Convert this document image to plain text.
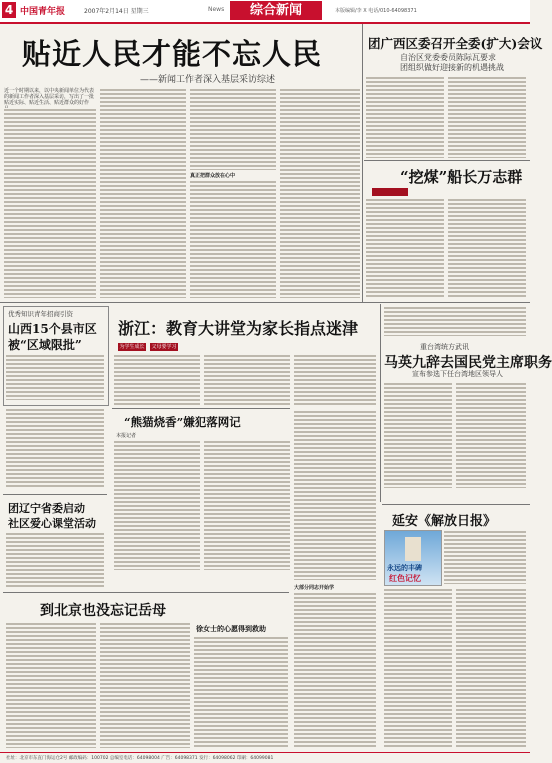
4 中国青年报	2007年2月14日 星期三	News	综合新闻	本版编辑/李 X 电话/010-64098371
贴近人民才能不忘人民
——新闻工作者深入基层采访综述
近一个时期以来，以中央新闻单位为代表的新闻工作者深入基层采访，写出了一批贴近实际、贴近生活、贴近群众的好作
真正把群众放在心中
团广西区委召开全委(扩大)会议
自治区党委委员陈际瓦要求
团组织做好迎接新的机遇挑战
“挖煤”船长万志群
优秀知识青年招商引资
山西15个县市区
被“区域限批”
浙江：教育大讲堂为家长指点迷津
为学生成长	父母要学习	重台湾统方武讯
马英九辞去国民党主席职务
宣布参选下任台湾地区领导人
“熊猫烧香”嫌犯落网记
本报记者
团辽宁省委启动
社区爱心课堂活动	延安《解放日报》
永远的丰碑
红色记忆
到北京也没忘记岳母
徐女士的心愿得到救助
大部分同志开始学
社址：北京市东直门海运仓2号 邮政编码：100702 总编室电话：64098004 广告：64098371 发行：64098062 印刷：64099081
